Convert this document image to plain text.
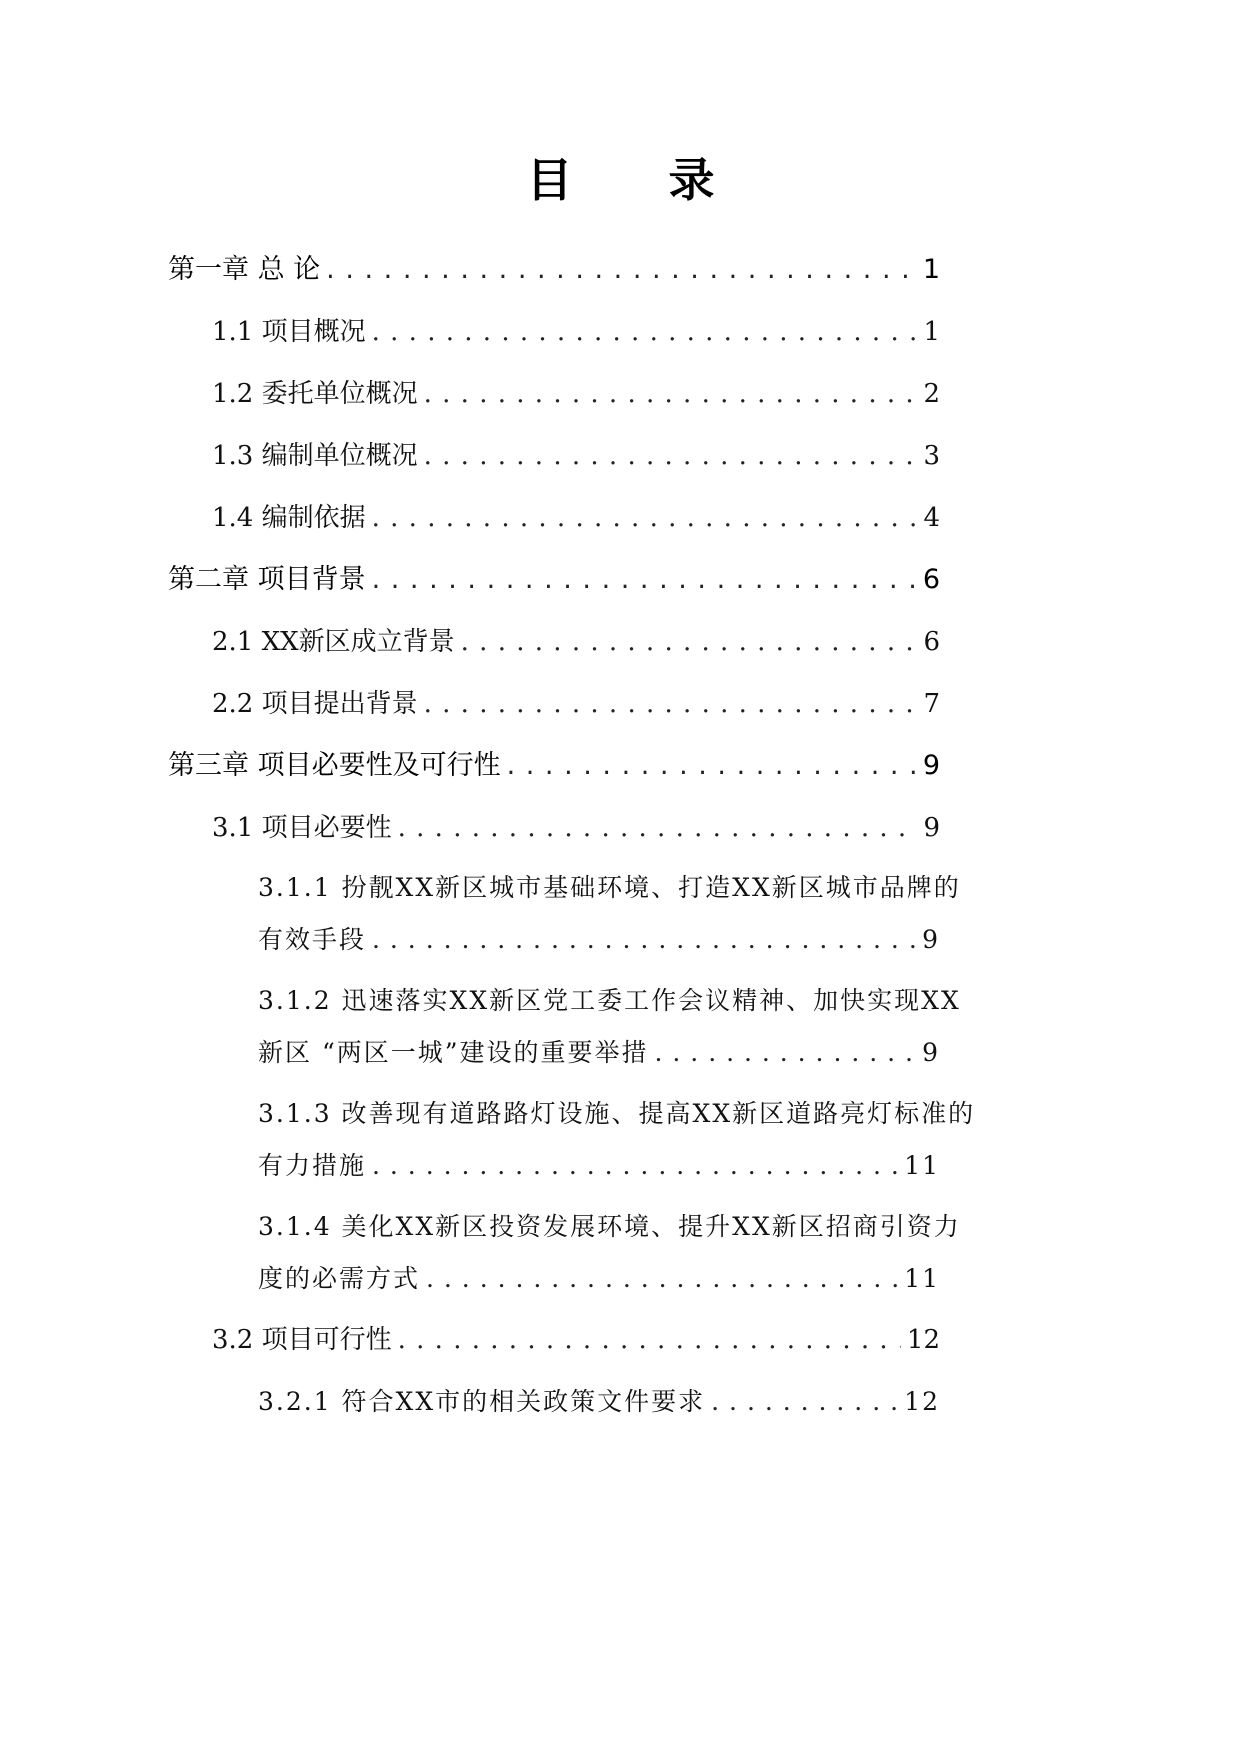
目 录
第一章 总 论 . . .	1
1.1 项目概况 . . .	1
1.2 委托单位概况 . . .	2
1.3 编制单位概况 . . .	3
1.4 编制依据 . . .	4
第二章 项目背景 . . .	6
2.1 XX新区成立背景 . . .	6
2.2 项目提出背景 . . .	7
第三章 项目必要性及可行性 . . .	9
3.1 项目必要性 . . .	9
3.1.1 扮靓XX新区城市基础环境、打造XX新区城市品牌的
有效手段 . . .	9
3.1.2 迅速落实XX新区党工委工作会议精神、加快实现XX
新区 “两区一城”建设的重要举措 . . .	9
3.1.3 改善现有道路路灯设施、提高XX新区道路亮灯标准的
有力措施 . . .	11
3.1.4 美化XX新区投资发展环境、提升XX新区招商引资力
度的必需方式 . . .	11
3.2 项目可行性 . . .	12
3.2.1 符合XX市的相关政策文件要求 . . .	12
